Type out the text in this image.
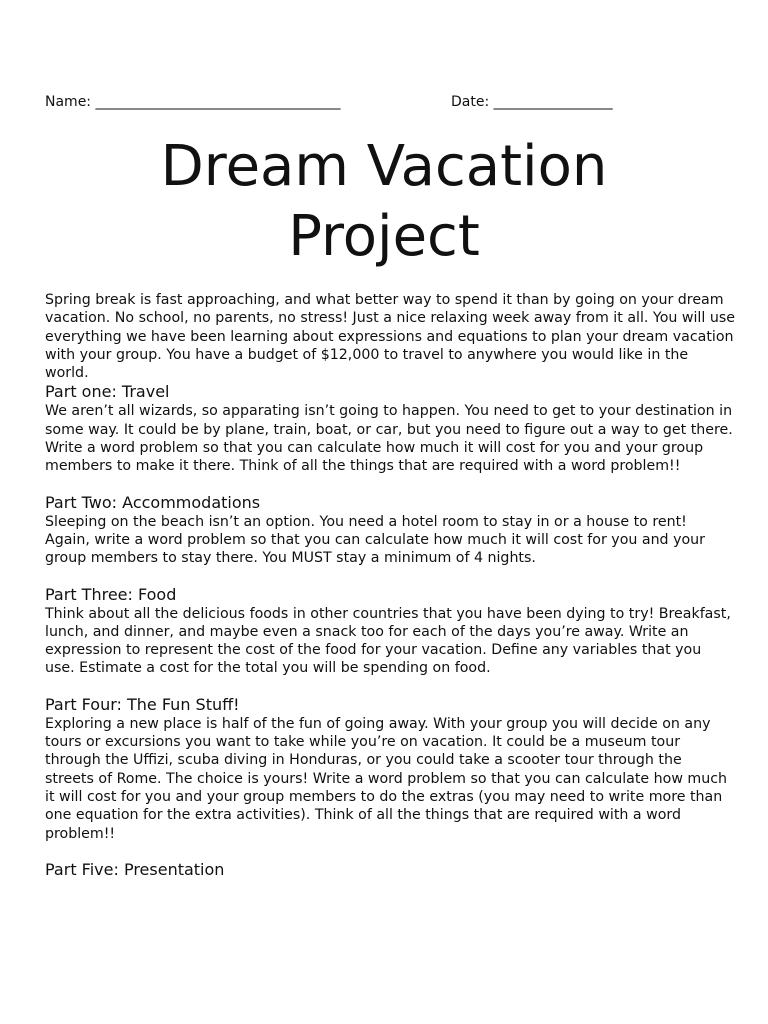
Name: ___________________________________	Date: _________________
Dream Vacation
Project

Spring break is fast approaching, and what better way to spend it than by going on your dream vacation. No school, no parents, no stress! Just a nice relaxing week away from it all. You will use everything we have been learning about expressions and equations to plan your dream vacation with your group. You have a budget of $12,000 to travel to anywhere you would like in the world.

Part one: Travel

We aren’t all wizards, so apparating isn’t going to happen. You need to get to your destination in some way. It could be by plane, train, boat, or car, but you need to figure out a way to get there. Write a word problem so that you can calculate how much it will cost for you and your group members to make it there. Think of all the things that are required with a word problem!!

Part Two: Accommodations

Sleeping on the beach isn’t an option. You need a hotel room to stay in or a house to rent! Again, write a word problem so that you can calculate how much it will cost for you and your group members to stay there. You MUST stay a minimum of 4 nights.

Part Three: Food

Think about all the delicious foods in other countries that you have been dying to try! Breakfast, lunch, and dinner, and maybe even a snack too for each of the days you’re away. Write an expression to represent the cost of the food for your vacation. Define any variables that you use. Estimate a cost for the total you will be spending on food.

Part Four: The Fun Stuff!

Exploring a new place is half of the fun of going away. With your group you will decide on any tours or excursions you want to take while you’re on vacation. It could be a museum tour through the Uffizi, scuba diving in Honduras, or you could take a scooter tour through the streets of Rome. The choice is yours! Write a word problem so that you can calculate how much it will cost for you and your group members to do the extras (you may need to write more than one equation for the extra activities). Think of all the things that are required with a word problem!!

Part Five: Presentation
